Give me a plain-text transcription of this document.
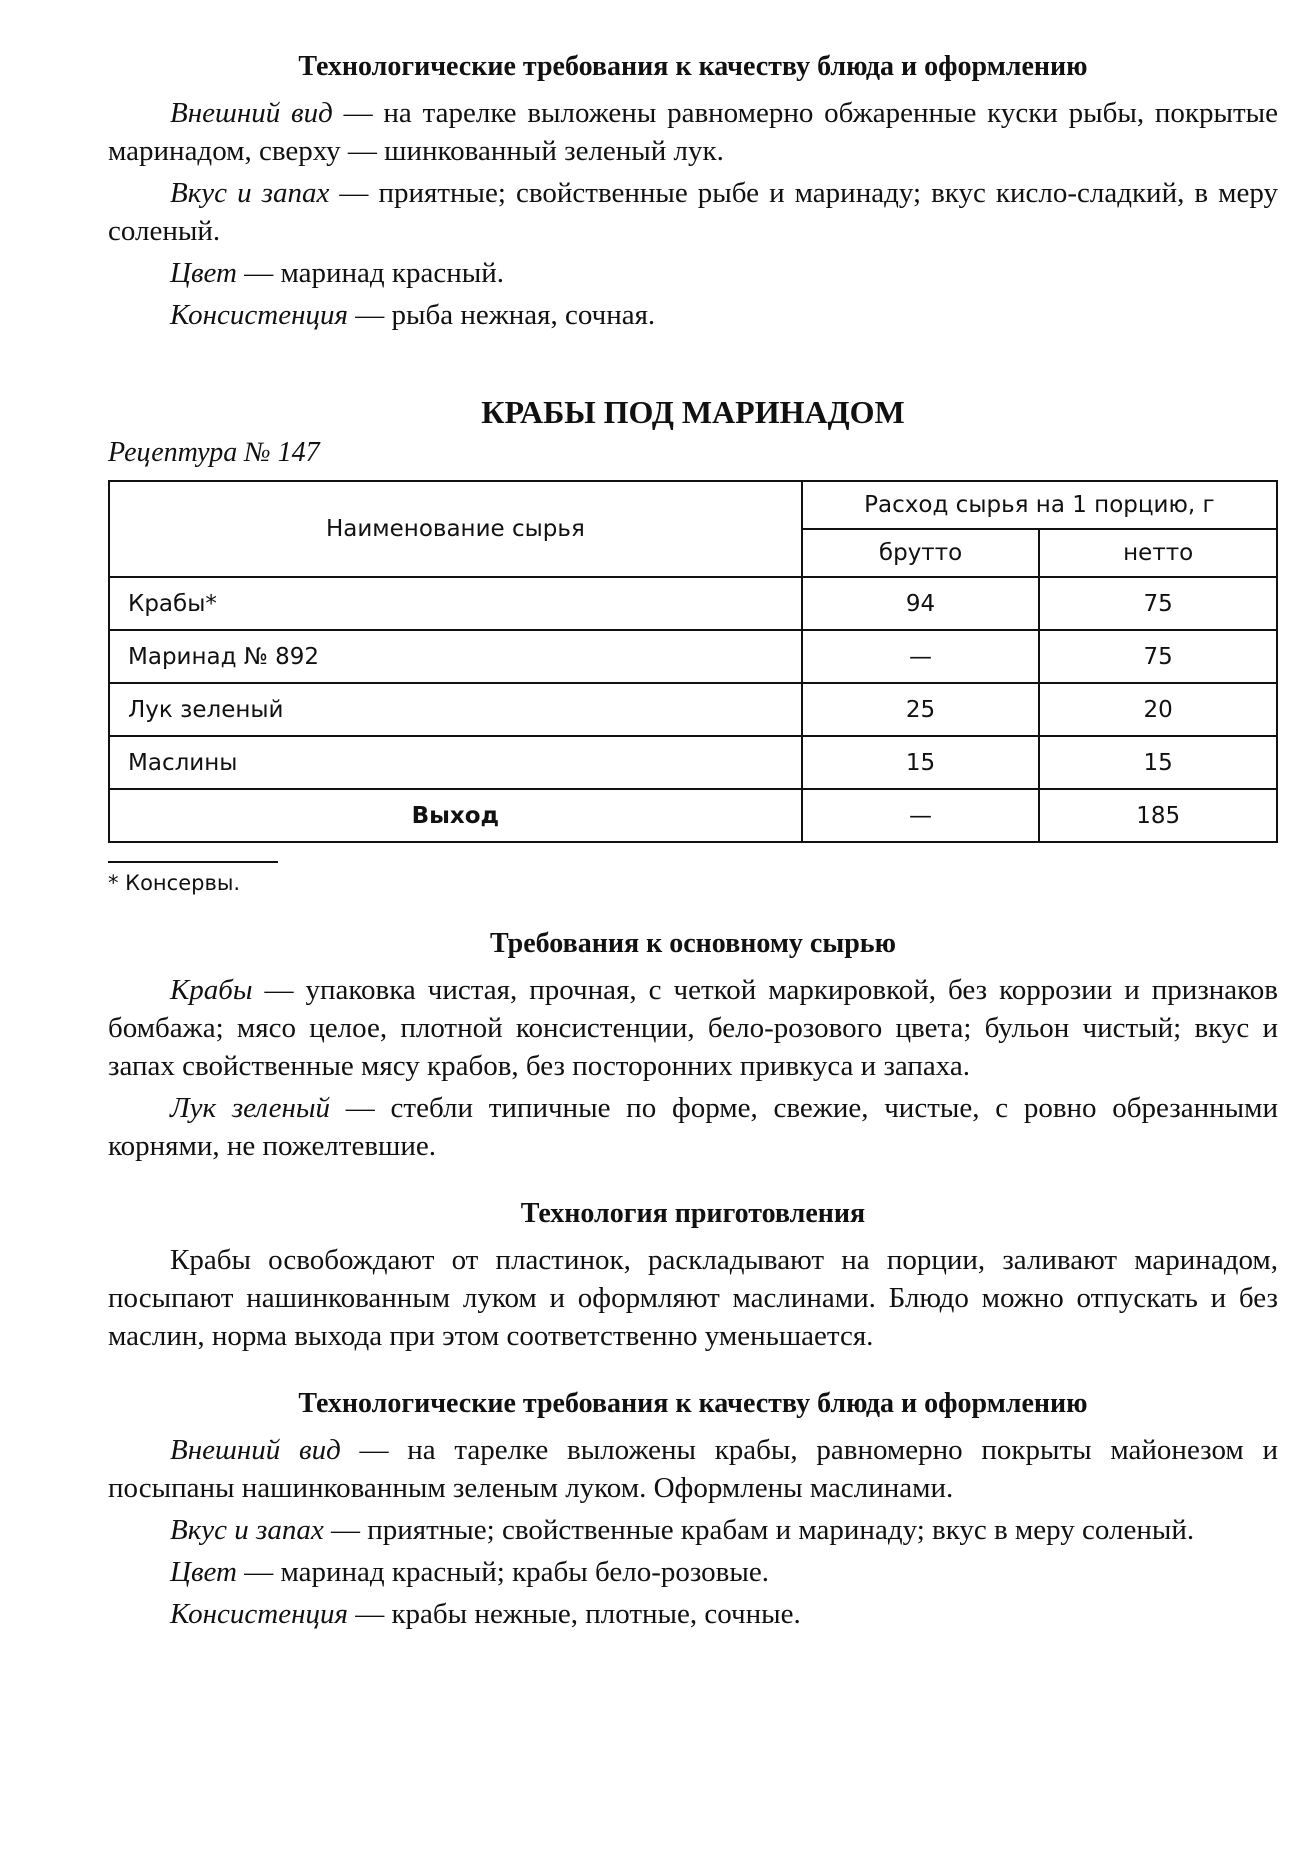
Технологические требования к качеству блюда и оформлению

Внешний вид — на тарелке выложены равномерно обжаренные куски рыбы, покрытые маринадом, сверху — шинкованный зеленый лук.

Вкус и запах — приятные; свойственные рыбе и маринаду; вкус кисло-сладкий, в меру соленый.

Цвет — маринад красный.

Консистенция — рыба нежная, сочная.

КРАБЫ ПОД МАРИНАДОМ
Рецептура № 147
Наименование сырья	Расход сырья на 1 порцию, г	
	брутто	нетто
Крабы*	94	75
Маринад № 892	—	75
Лук зеленый	25	20
Маслины	15	15
Выход	—	185

* Консервы.

Требования к основному сырью

Крабы — упаковка чистая, прочная, с четкой маркировкой, без коррозии и признаков бомбажа; мясо целое, плотной консистенции, бело-розового цвета; бульон чистый; вкус и запах свойственные мясу крабов, без посторонних привкуса и запаха.

Лук зеленый — стебли типичные по форме, свежие, чистые, с ровно обрезанными корнями, не пожелтевшие.

Технология приготовления

Крабы освобождают от пластинок, раскладывают на порции, заливают маринадом, посыпают нашинкованным луком и оформляют маслинами. Блюдо можно отпускать и без маслин, норма выхода при этом соответственно уменьшается.

Технологические требования к качеству блюда и оформлению

Внешний вид — на тарелке выложены крабы, равномерно покрыты майонезом и посыпаны нашинкованным зеленым луком. Оформлены маслинами.

Вкус и запах — приятные; свойственные крабам и маринаду; вкус в меру соленый.

Цвет — маринад красный; крабы бело-розовые.

Консистенция — крабы нежные, плотные, сочные.
